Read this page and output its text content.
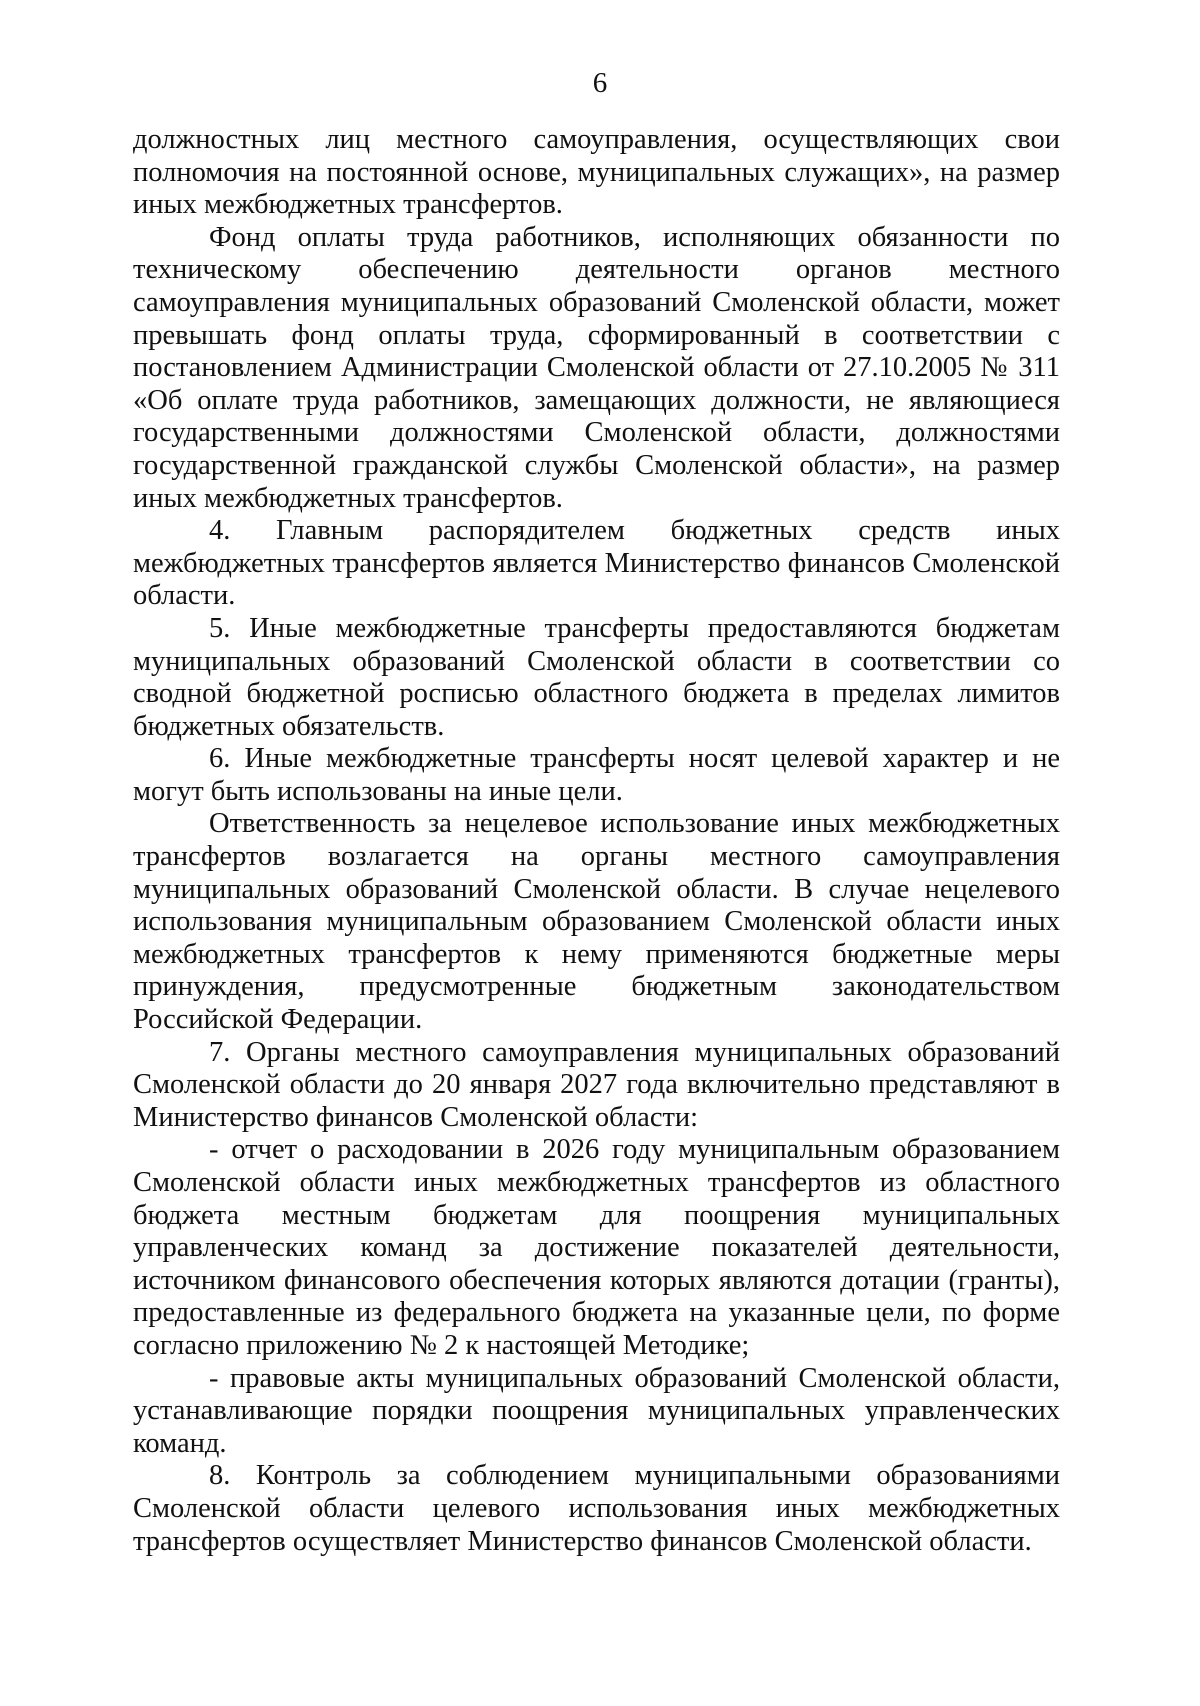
6

должностных лиц местного самоуправления, осуществляющих свои полномочия на постоянной основе, муниципальных служащих», на размер иных межбюджетных трансфертов.

Фонд оплаты труда работников, исполняющих обязанности по техническому обеспечению деятельности органов местного самоуправления муниципальных образований Смоленской области, может превышать фонд оплаты труда, сформированный в соответствии с постановлением Администрации Смоленской области от 27.10.2005 № 311 «Об оплате труда работников, замещающих должности, не являющиеся государственными должностями Смоленской области, должностями государственной гражданской службы Смоленской области», на размер иных межбюджетных трансфертов.

4. Главным распорядителем бюджетных средств иных межбюджетных трансфертов является Министерство финансов Смоленской области.

5. Иные межбюджетные трансферты предоставляются бюджетам муниципальных образований Смоленской области в соответствии со сводной бюджетной росписью областного бюджета в пределах лимитов бюджетных обязательств.

6. Иные межбюджетные трансферты носят целевой характер и не могут быть использованы на иные цели.

Ответственность за нецелевое использование иных межбюджетных трансфертов возлагается на органы местного самоуправления муниципальных образований Смоленской области. В случае нецелевого использования муниципальным образованием Смоленской области иных межбюджетных трансфертов к нему применяются бюджетные меры принуждения, предусмотренные бюджетным законодательством Российской Федерации.

7. Органы местного самоуправления муниципальных образований Смоленской области до 20 января 2027 года включительно представляют в Министерство финансов Смоленской области:

- отчет о расходовании в 2026 году муниципальным образованием Смоленской области иных межбюджетных трансфертов из областного бюджета местным бюджетам для поощрения муниципальных управленческих команд за достижение показателей деятельности, источником финансового обеспечения которых являются дотации (гранты), предоставленные из федерального бюджета на указанные цели, по форме согласно приложению № 2 к настоящей Методике;

- правовые акты муниципальных образований Смоленской области, устанавливающие порядки поощрения муниципальных управленческих команд.

8. Контроль за соблюдением муниципальными образованиями Смоленской области целевого использования иных межбюджетных трансфертов осуществляет Министерство финансов Смоленской области.
